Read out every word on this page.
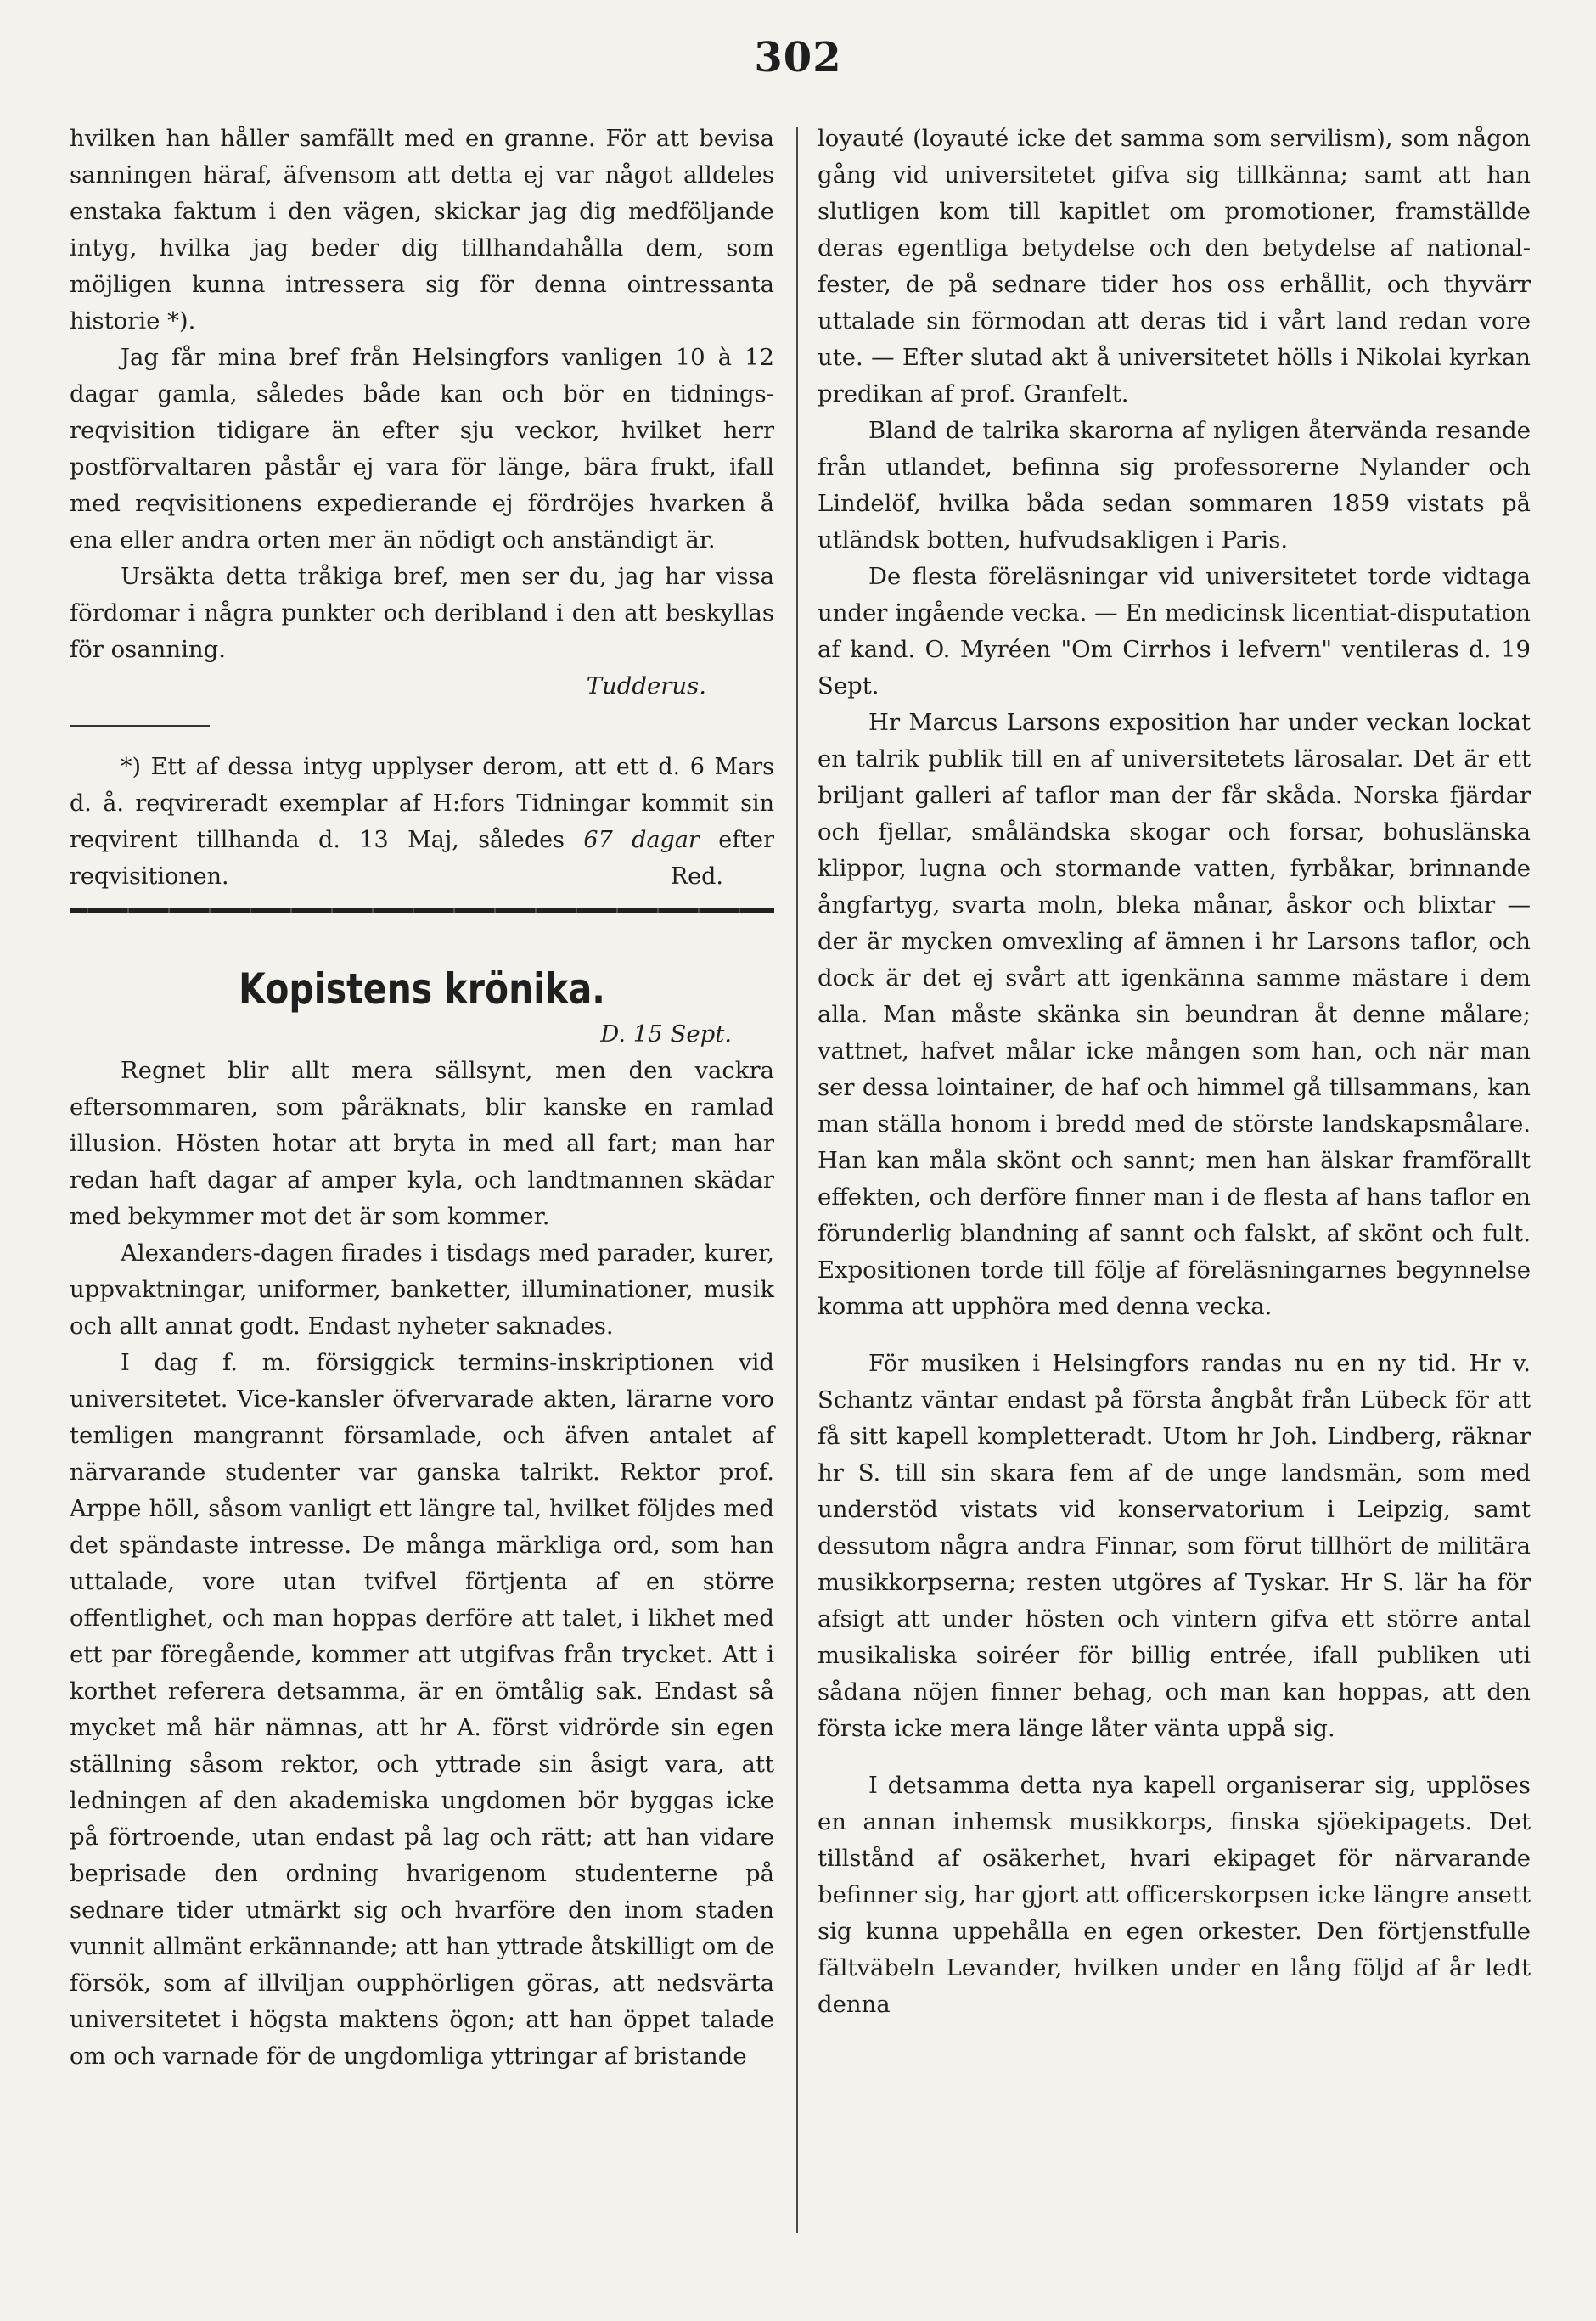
302

hvilken han håller samfällt med en granne. För att bevisa sanningen häraf, äfvensom att detta ej var något alldeles enstaka faktum i den vägen, skickar jag dig medföljande intyg, hvilka jag beder dig tillhandahålla dem, som möjligen kunna intressera sig för denna ointressanta historie *).

Jag får mina bref från Helsingfors vanligen 10 à 12 dagar gamla, således både kan och bör en tidnings-reqvisition tidigare än efter sju veckor, hvilket herr postförvaltaren påstår ej vara för länge, bära frukt, ifall med reqvisitionens expedierande ej fördröjes hvarken å ena eller andra orten mer än nödigt och anständigt är.

Ursäkta detta tråkiga bref, men ser du, jag har vissa fördomar i några punkter och deribland i den att beskyllas för osanning.

Tudderus.

*) Ett af dessa intyg upplyser derom, att ett d. 6 Mars d. å. reqvireradt exemplar af H:fors Tidningar kommit sin reqvirent tillhanda d. 13 Maj, således 67 dagar efter reqvisitionen.	Red.

Kopistens krönika.
D. 15 Sept.

Regnet blir allt mera sällsynt, men den vackra eftersommaren, som påräknats, blir kanske en ramlad illusion. Hösten hotar att bryta in med all fart; man har redan haft dagar af amper kyla, och landtmannen skädar med bekymmer mot det är som kommer.

Alexanders-dagen firades i tisdags med parader, kurer, uppvaktningar, uniformer, banketter, illuminationer, musik och allt annat godt. Endast nyheter saknades.

I dag f. m. försiggick termins-inskriptionen vid universitetet. Vice-kansler öfvervarade akten, lärarne voro temligen mangrannt församlade, och äfven antalet af närvarande studenter var ganska talrikt. Rektor prof. Arppe höll, såsom vanligt ett längre tal, hvilket följdes med det spändaste intresse. De många märkliga ord, som han uttalade, vore utan tvifvel förtjenta af en större offentlighet, och man hoppas derföre att talet, i likhet med ett par föregående, kommer att utgifvas från trycket. Att i korthet referera detsamma, är en ömtålig sak. Endast så mycket må här nämnas, att hr A. först vidrörde sin egen ställning såsom rektor, och yttrade sin åsigt vara, att ledningen af den akademiska ungdomen bör byggas icke på förtroende, utan endast på lag och rätt; att han vidare beprisade den ordning hvarigenom studenterne på sednare tider utmärkt sig och hvarföre den inom staden vunnit allmänt erkännande; att han yttrade åtskilligt om de försök, som af illviljan oupphörligen göras, att nedsvärta universitetet i högsta maktens ögon; att han öppet talade om och varnade för de ungdomliga yttringar af bristande

loyauté (loyauté icke det samma som servilism), som någon gång vid universitetet gifva sig tillkänna; samt att han slutligen kom till kapitlet om promotioner, framställde deras egentliga betydelse och den betydelse af national-fester, de på sednare tider hos oss erhållit, och thyvärr uttalade sin förmodan att deras tid i vårt land redan vore ute. — Efter slutad akt å universitetet hölls i Nikolai kyrkan predikan af prof. Granfelt.

Bland de talrika skarorna af nyligen återvända resande från utlandet, befinna sig professorerne Nylander och Lindelöf, hvilka båda sedan sommaren 1859 vistats på utländsk botten, hufvudsakligen i Paris.

De flesta föreläsningar vid universitetet torde vidtaga under ingående vecka. — En medicinsk licentiat-disputation af kand. O. Myréen "Om Cirrhos i lefvern" ventileras d. 19 Sept.

Hr Marcus Larsons exposition har under veckan lockat en talrik publik till en af universitetets lärosalar. Det är ett briljant galleri af taflor man der får skåda. Norska fjärdar och fjellar, småländska skogar och forsar, bohuslänska klippor, lugna och stormande vatten, fyrbåkar, brinnande ångfartyg, svarta moln, bleka månar, åskor och blixtar — der är mycken omvexling af ämnen i hr Larsons taflor, och dock är det ej svårt att igenkänna samme mästare i dem alla. Man måste skänka sin beundran åt denne målare; vattnet, hafvet målar icke mången som han, och när man ser dessa lointainer, de haf och himmel gå tillsammans, kan man ställa honom i bredd med de störste landskapsmålare. Han kan måla skönt och sannt; men han älskar framförallt effekten, och derföre finner man i de flesta af hans taflor en förunderlig blandning af sannt och falskt, af skönt och fult. Expositionen torde till följe af föreläsningarnes begynnelse komma att upphöra med denna vecka.

För musiken i Helsingfors randas nu en ny tid. Hr v. Schantz väntar endast på första ångbåt från Lübeck för att få sitt kapell kompletteradt. Utom hr Joh. Lindberg, räknar hr S. till sin skara fem af de unge landsmän, som med understöd vistats vid konservatorium i Leipzig, samt dessutom några andra Finnar, som förut tillhört de militära musikkorpserna; resten utgöres af Tyskar. Hr S. lär ha för afsigt att under hösten och vintern gifva ett större antal musikaliska soiréer för billig entrée, ifall publiken uti sådana nöjen finner behag, och man kan hoppas, att den första icke mera länge låter vänta uppå sig.

I detsamma detta nya kapell organiserar sig, upplöses en annan inhemsk musikkorps, finska sjöekipagets. Det tillstånd af osäkerhet, hvari ekipaget för närvarande befinner sig, har gjort att officerskorpsen icke längre ansett sig kunna uppehålla en egen orkester. Den förtjenstfulle fältväbeln Levander, hvilken under en lång följd af år ledt denna
